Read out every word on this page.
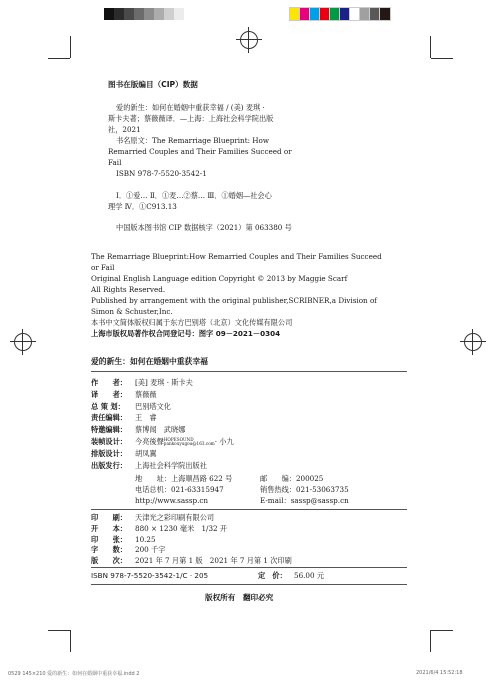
图书在版编目（CIP）数据
爱的新生：如何在婚姻中重获幸福 / (美) 麦琪 ·
斯卡夫著；蔡薇薇译．—上海：上海社会科学院出版
社，2021
书名原文：The Remarriage Blueprint: How
Remarried Couples and Their Families Succeed or
Fail
ISBN 978-7-5520-3542-1
Ⅰ．①爱… Ⅱ．①麦…②蔡… Ⅲ．①婚姻—社会心
理学 Ⅳ．①C913.13
中国版本图书馆 CIP 数据核字（2021）第 063380 号
The Remarriage Blueprint:How Remarried Couples and Their Families Succeed
or Fail
Original English Language edition Copyright © 2013 by Maggie Scarf
All Rights Reserved.
Published by arrangement with the original publisher,SCRIBNER,a Division of
Simon & Schuster,Inc.
本书中文简体版权归属于东方巴别塔（北京）文化传媒有限公司
上海市版权局著作权合同登记号：图字 09－2021－0304
爱的新生：如何在婚姻中重获幸福
作　　者： [美] 麦琪 · 斯卡夫
译　　者： 蔡薇薇
总 策 划： 巴别塔文化
责任编辑： 王　睿
特邀编辑： 蔡博闻　武晓娜
装帧设计： 今亮後聲 HOPESOUND
pankouyugou@163.com · 小九
排版设计： 胡凤翼
出版发行： 上海社会科学院出版社
地　　址：上海顺昌路 622 号	邮　　编：200025
电话总机：021-63315947	销售热线：021-53063735
http://www.sassp.cn	E-mail：sassp@sassp.cn
印　　刷： 天津光之彩印刷有限公司
开　　本： 880 × 1230 毫米　1/32 开
印　　张： 10.25
字　　数： 200 千字
版　　次： 2021 年 7 月第 1 版　2021 年 7 月第 1 次印刷
ISBN 978-7-5520-3542-1/C · 205	定　价： 56.00 元
版权所有　翻印必究
0529 145×210 爱的新生：如何在婚姻中重获幸福.indd 2	2021/6/4 15:52:18
